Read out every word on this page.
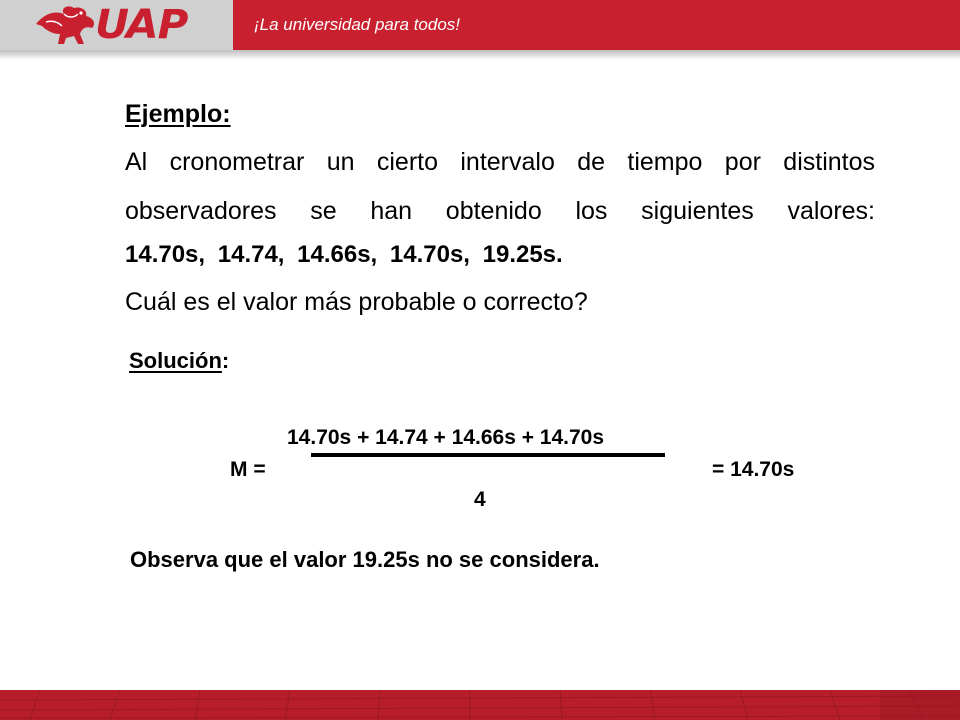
UAP	¡La universidad para todos!
Ejemplo:
Al cronometrar un cierto intervalo de tiempo por distintos
observadores se han obtenido los siguientes valores:
14.70s, 14.74, 14.66s, 14.70s, 19.25s.
Cuál es el valor más probable o correcto?
Solución:
M =
14.70s + 14.74 + 14.66s + 14.70s
4
= 14.70s
Observa que el valor 19.25s no se considera.
